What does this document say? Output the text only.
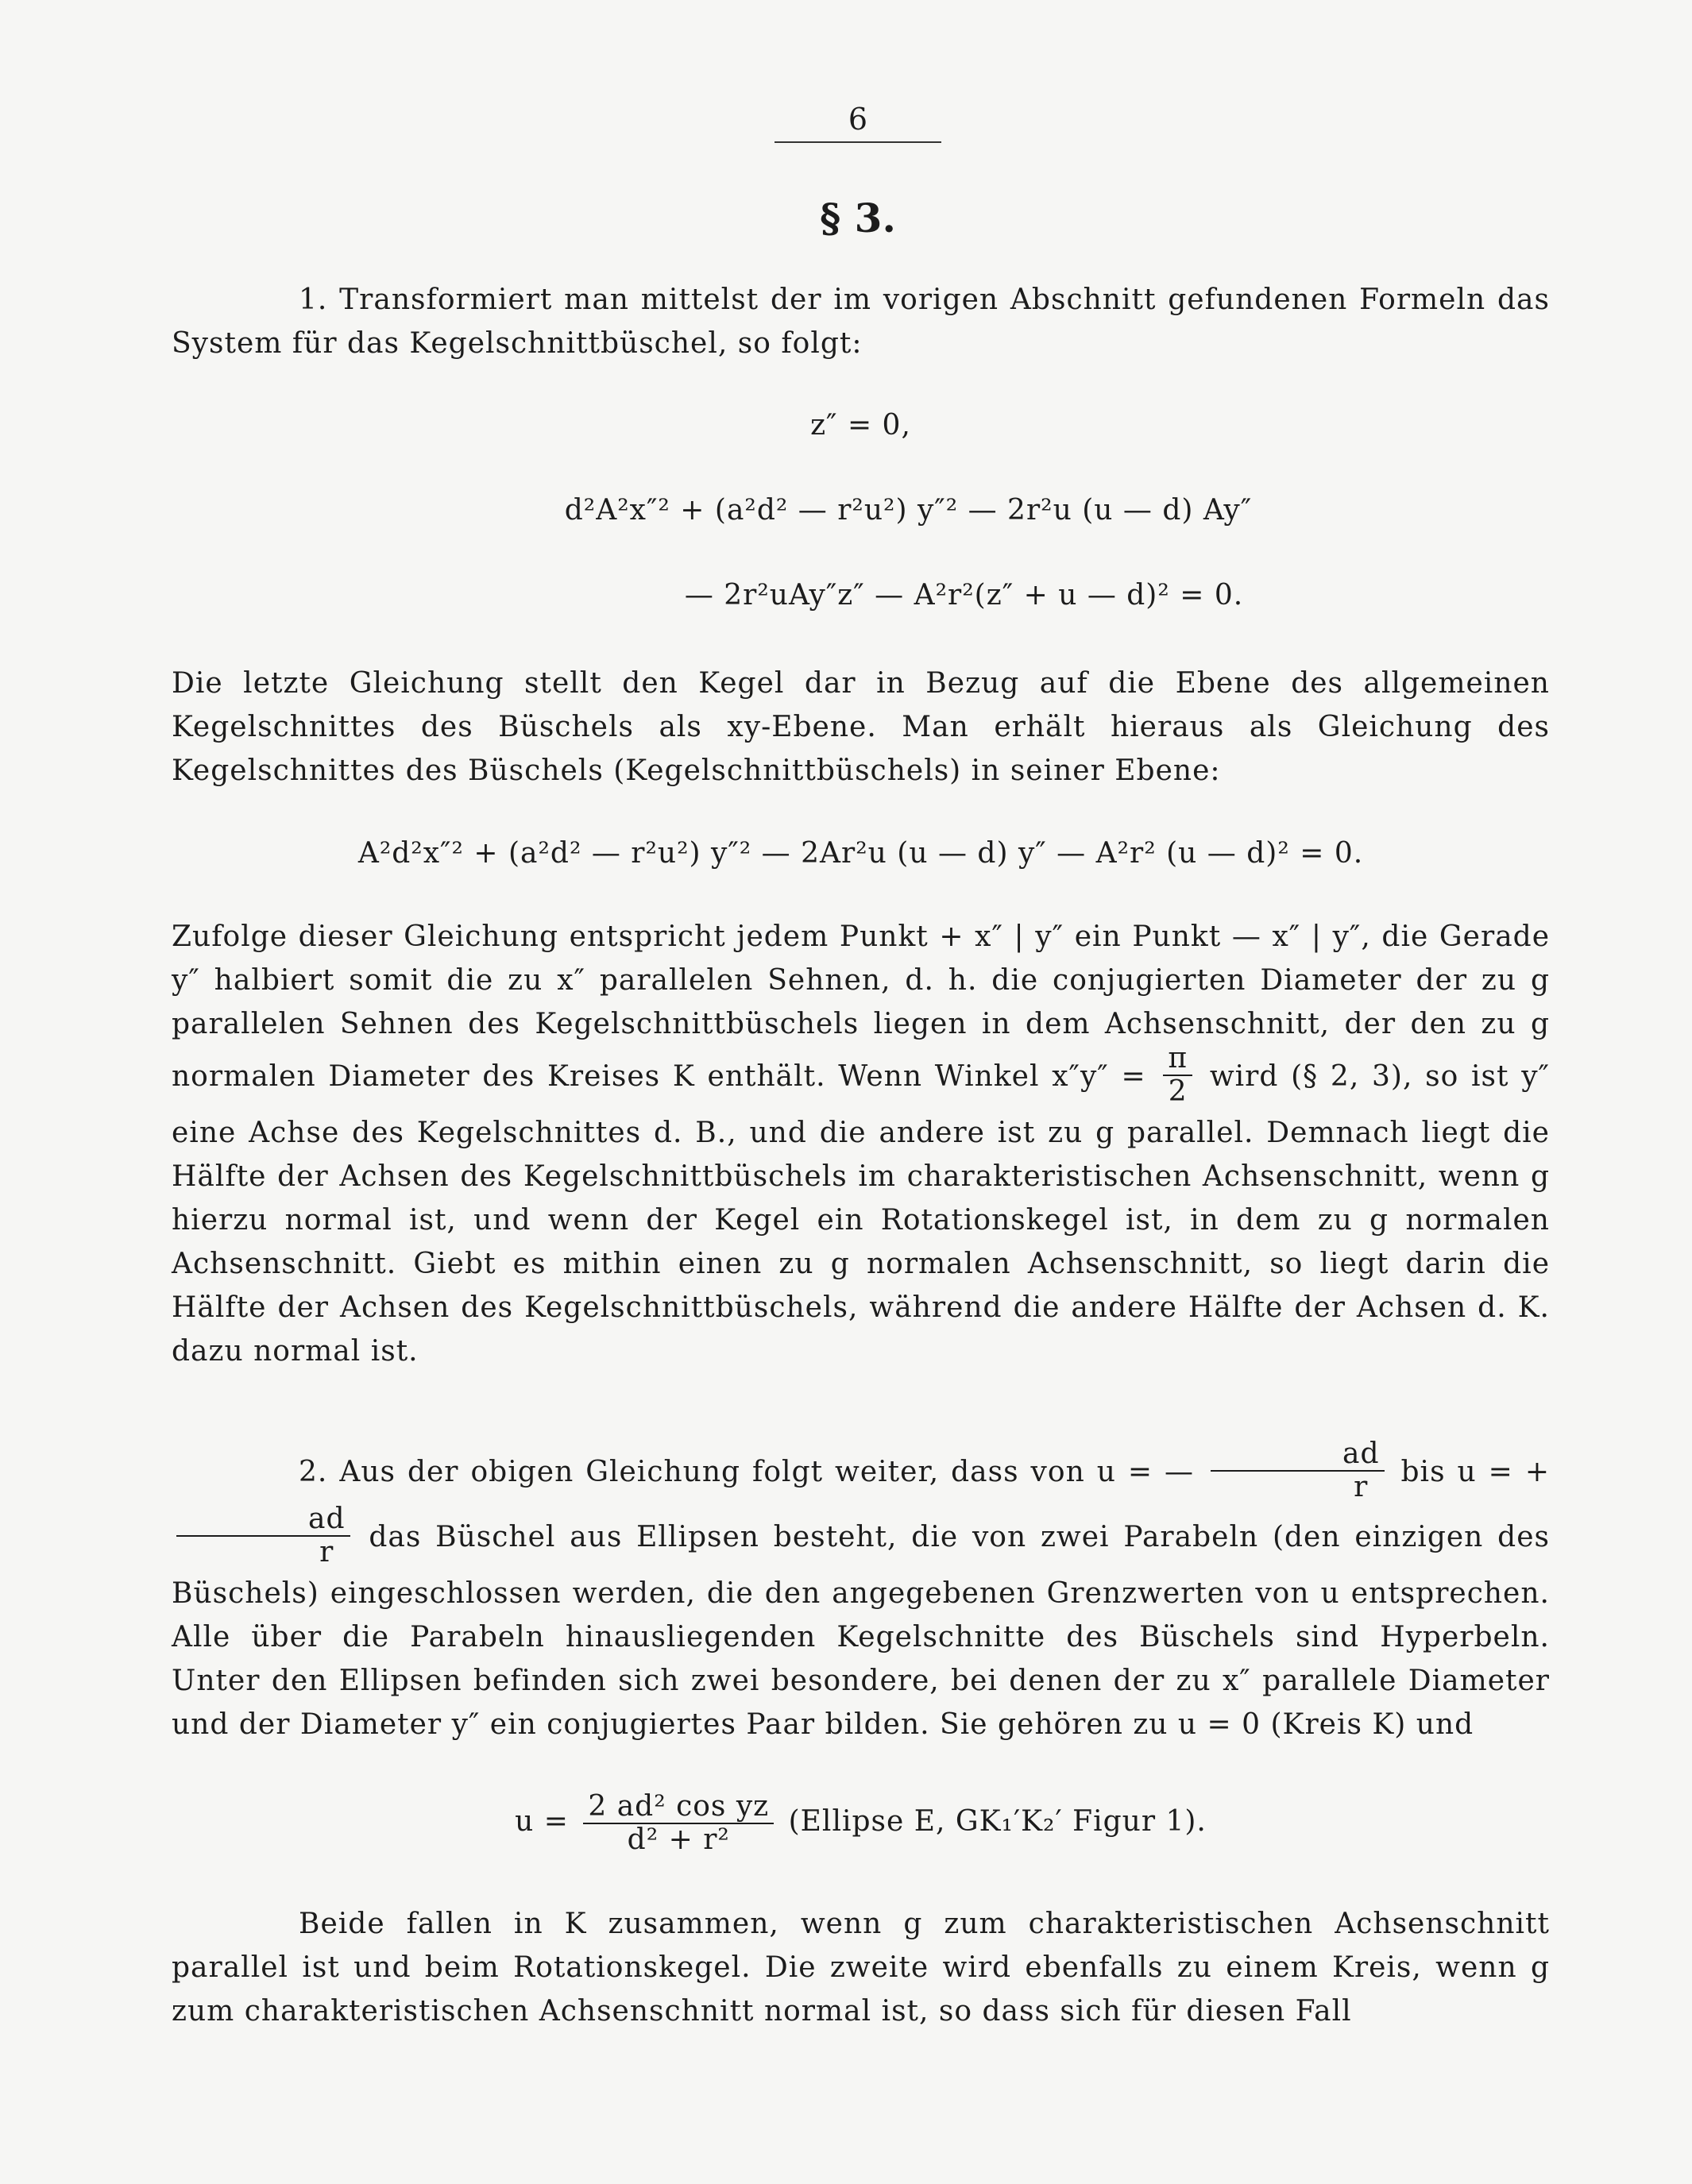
6
§ 3.

1. Transformiert man mittelst der im vorigen Abschnitt gefundenen Formeln das System für das Kegelschnittbüschel, so folgt:

z″ = 0,
d²A²x″² + (a²d² — r²u²) y″² — 2r²u (u — d) Ay″
— 2r²uAy″z″ — A²r²(z″ + u — d)² = 0.

Die letzte Gleichung stellt den Kegel dar in Bezug auf die Ebene des allgemeinen Kegelschnittes des Büschels als xy-Ebene. Man erhält hieraus als Gleichung des Kegelschnittes des Büschels (Kegelschnittbüschels) in seiner Ebene:

A²d²x″² + (a²d² — r²u²) y″² — 2Ar²u (u — d) y″ — A²r² (u — d)² = 0.

Zufolge dieser Gleichung entspricht jedem Punkt + x″ | y″ ein Punkt — x″ | y″, die Gerade y″ halbiert somit die zu x″ parallelen Sehnen, d. h. die conjugierten Diameter der zu g parallelen Sehnen des Kegelschnittbüschels liegen in dem Achsenschnitt, der den zu g normalen Diameter des Kreises K enthält. Wenn Winkel $x''y'' = \frac{\pi}{2}$ wird (§ 2, 3), so ist y″ eine Achse des Kegelschnittes d. B., und die andere ist zu g parallel. Demnach liegt die Hälfte der Achsen des Kegelschnittbüschels im charakteristischen Achsenschnitt, wenn g hierzu normal ist, und wenn der Kegel ein Rotationskegel ist, in dem zu g normalen Achsenschnitt. Giebt es mithin einen zu g normalen Achsenschnitt, so liegt darin die Hälfte der Achsen des Kegelschnittbüschels, während die andere Hälfte der Achsen d. K. dazu normal ist.

2. Aus der obigen Gleichung folgt weiter, dass von u = — $\frac{ad}{r}$ bis u = +
$\frac{ad}{r}$ das Büschel aus Ellipsen besteht, die von zwei Parabeln (den einzigen des Büschels) eingeschlossen werden, die den angegebenen Grenzwerten von u entsprechen. Alle über die Parabeln hinausliegenden Kegelschnitte des Büschels sind Hyperbeln. Unter den Ellipsen befinden sich zwei besondere, bei denen der zu x″ parallele Diameter und der Diameter y″ ein conjugiertes Paar bilden. Sie gehören zu u = 0 (Kreis K) und

$u = \frac{\text{2 ad² cos yz}}{\text{d² + r²}}$ (Ellipse E, GK₁′K₂′ Figur 1).

Beide fallen in K zusammen, wenn g zum charakteristischen Achsenschnitt parallel ist und beim Rotationskegel. Die zweite wird ebenfalls zu einem Kreis, wenn g zum charakteristischen Achsenschnitt normal ist, so dass sich für diesen Fall
